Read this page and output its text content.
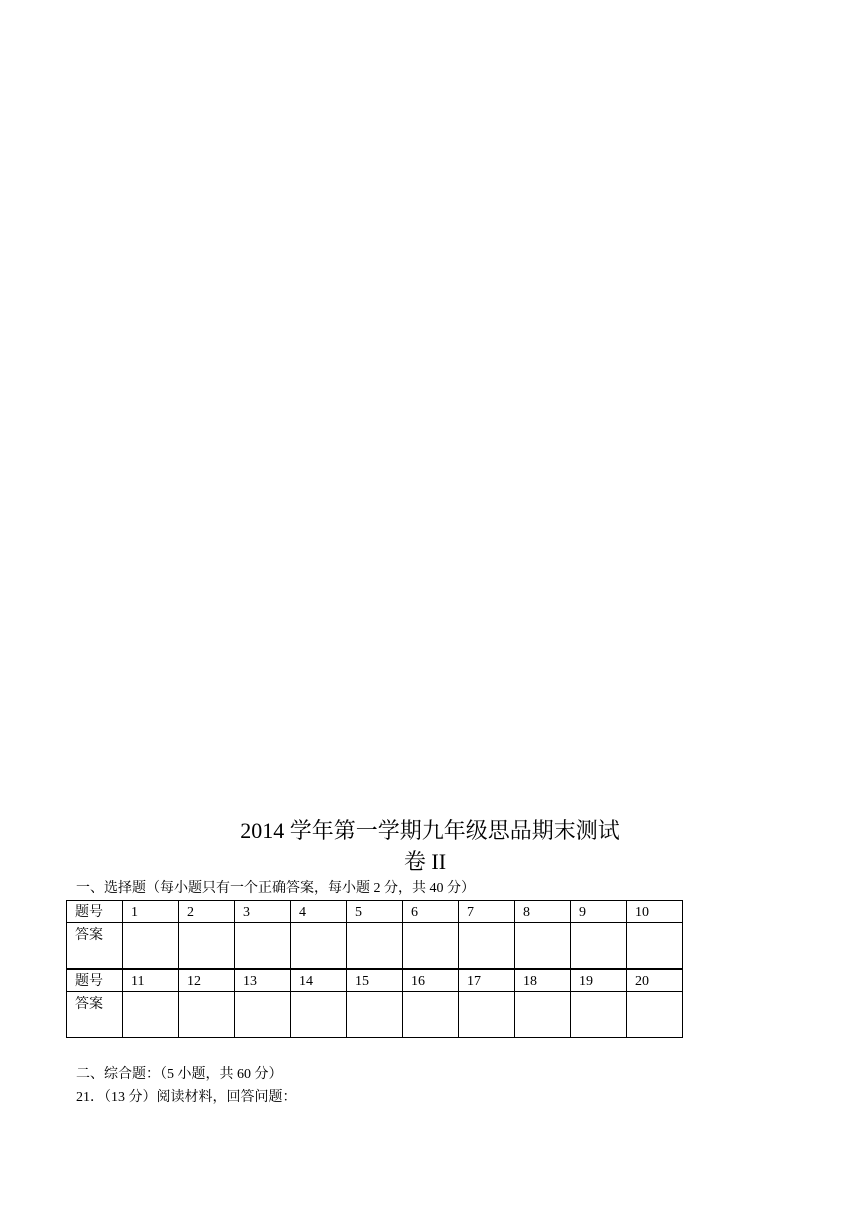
2014 学年第一学期九年级思品期末测试
卷 II
一、选择题（每小题只有一个正确答案，每小题 2 分，共 40 分）
题号	1	2	3	4	5	6	7	8	9	10
答案										
题号	11	12	13	14	15	16	17	18	19	20
答案										
二、综合题：（5 小题，共 60 分）
21．（13 分）阅读材料，回答问题：
